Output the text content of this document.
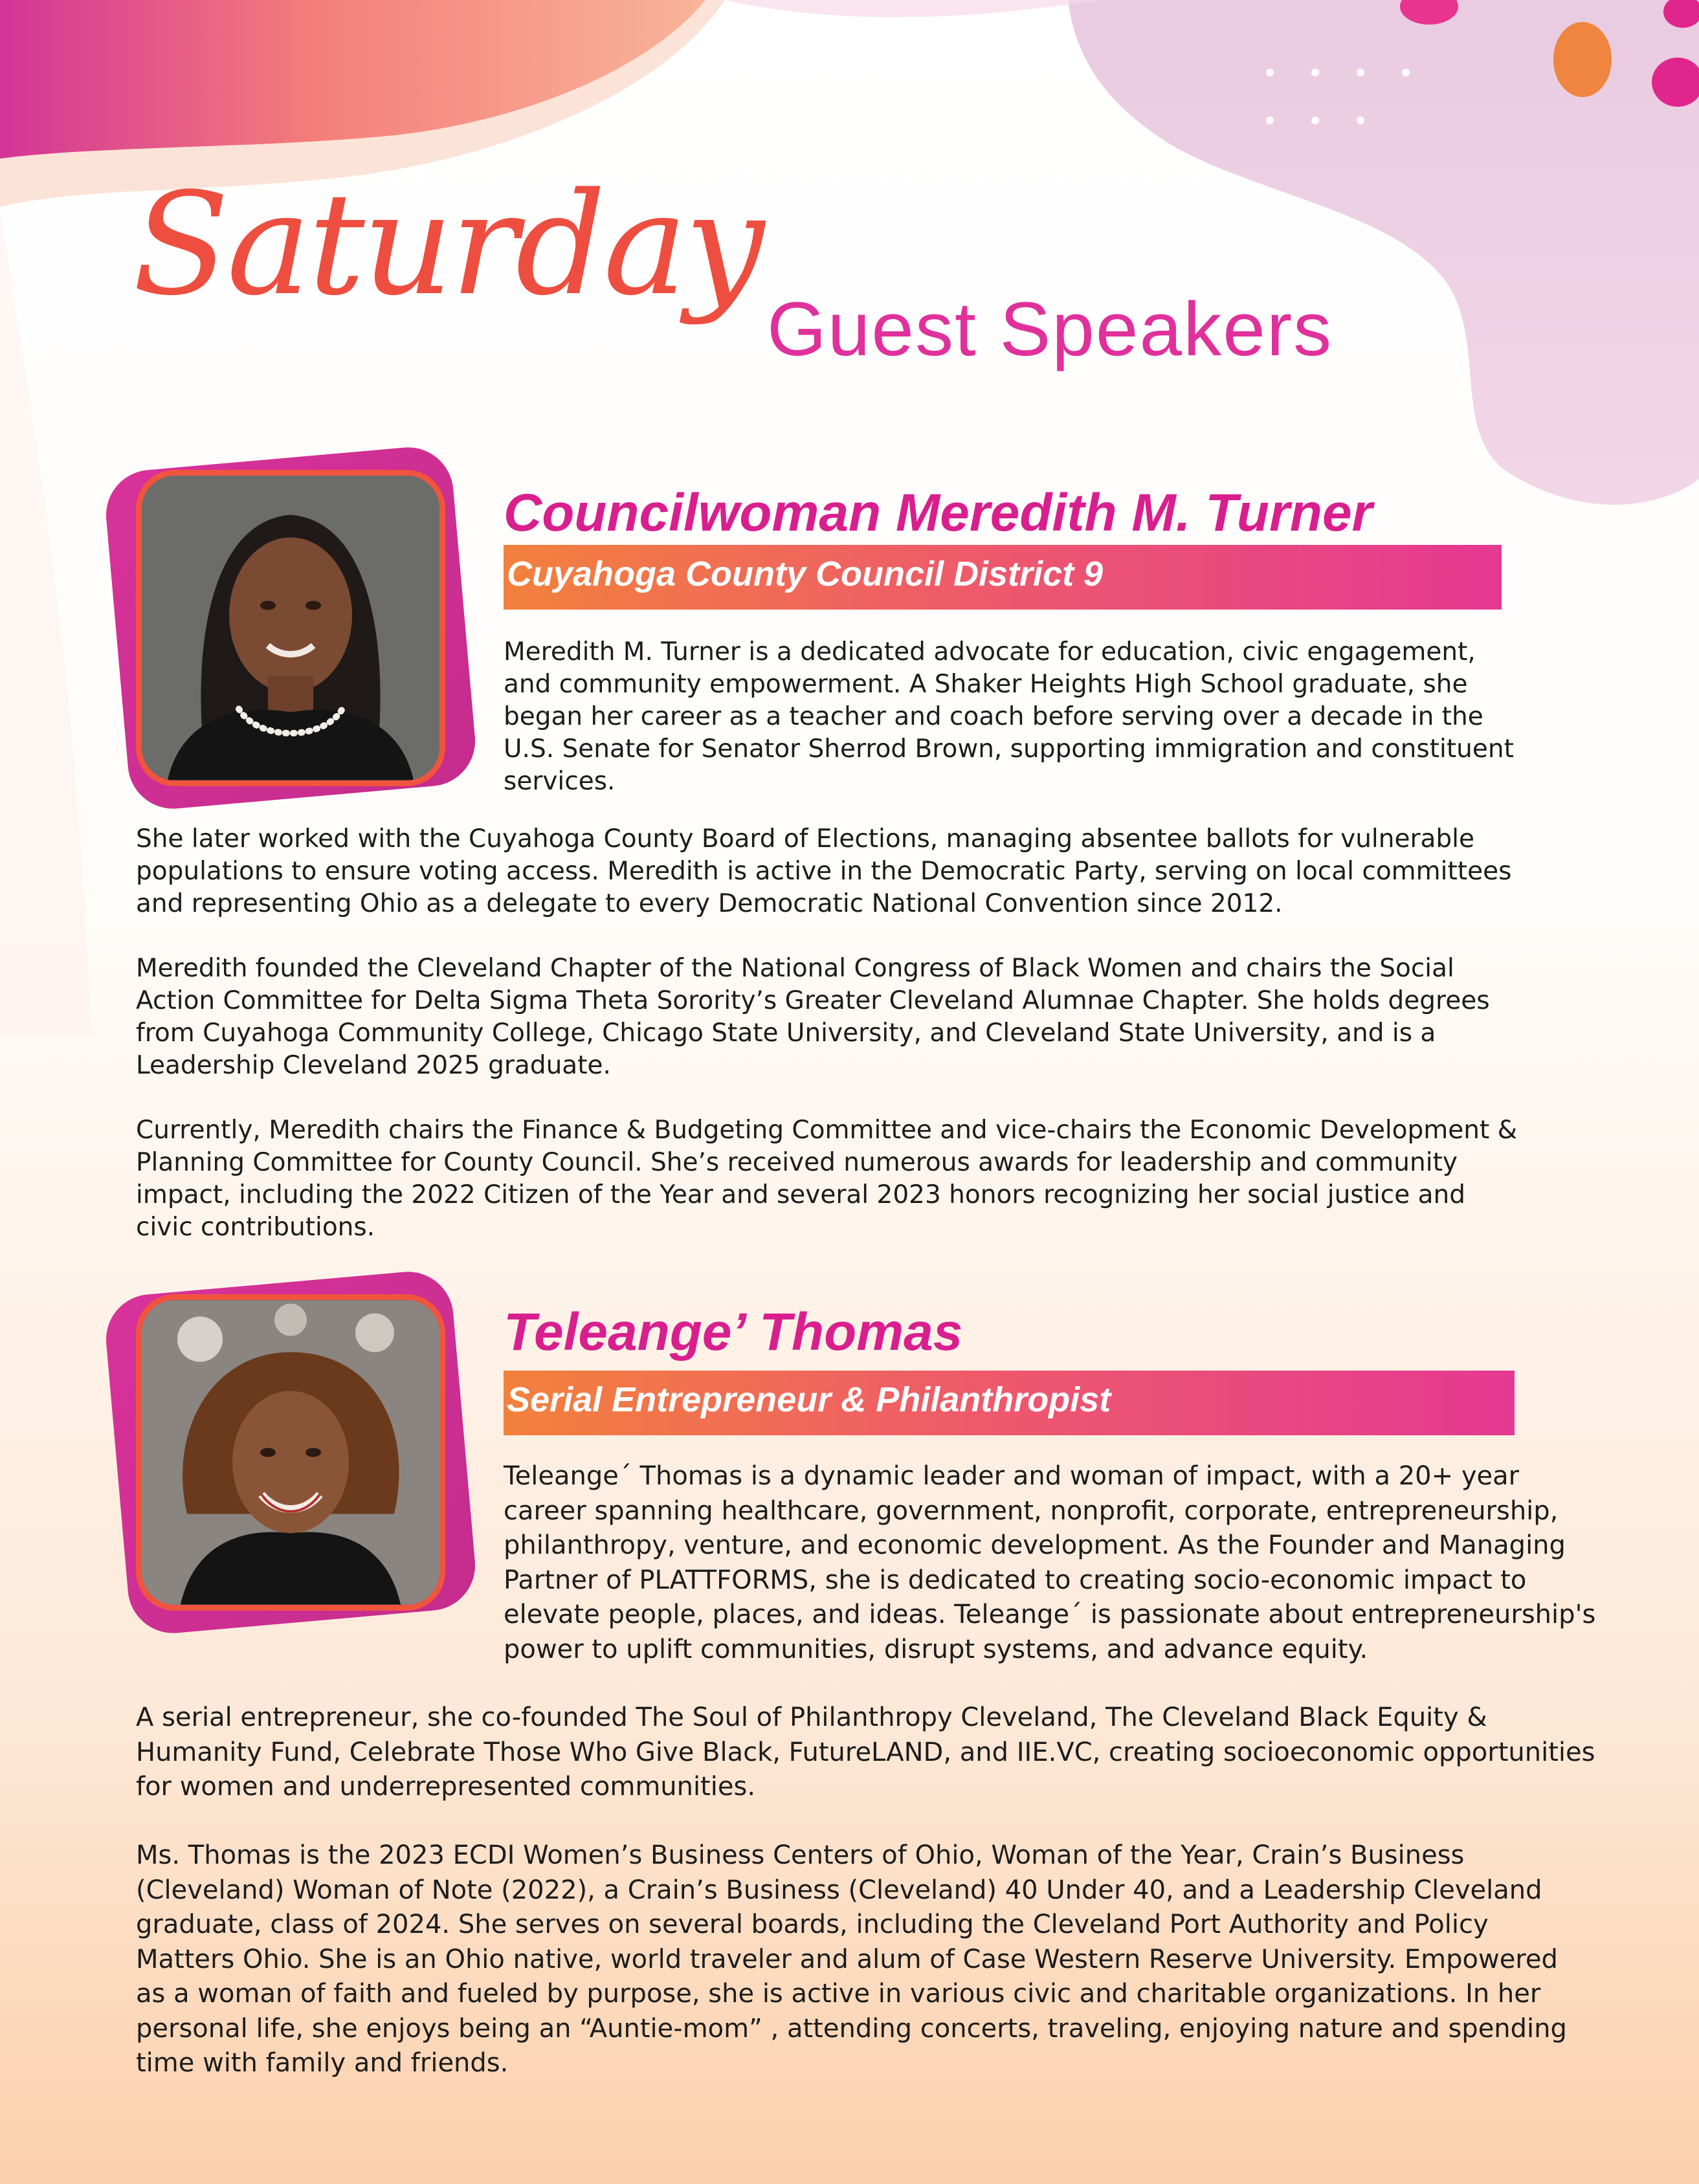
Saturday
Guest Speakers
Councilwoman Meredith M. Turner
Cuyahoga County Council District 9
Meredith M. Turner is a dedicated advocate for education, civic engagement,
and community empowerment. A Shaker Heights High School graduate, she
began her career as a teacher and coach before serving over a decade in the
U.S. Senate for Senator Sherrod Brown, supporting immigration and constituent
services.
She later worked with the Cuyahoga County Board of Elections, managing absentee ballots for vulnerable
populations to ensure voting access. Meredith is active in the Democratic Party, serving on local committees
and representing Ohio as a delegate to every Democratic National Convention since 2012.
Meredith founded the Cleveland Chapter of the National Congress of Black Women and chairs the Social
Action Committee for Delta Sigma Theta Sorority’s Greater Cleveland Alumnae Chapter. She holds degrees
from Cuyahoga Community College, Chicago State University, and Cleveland State University, and is a
Leadership Cleveland 2025 graduate.
Currently, Meredith chairs the Finance & Budgeting Committee and vice-chairs the Economic Development &
Planning Committee for County Council. She’s received numerous awards for leadership and community
impact, including the 2022 Citizen of the Year and several 2023 honors recognizing her social justice and
civic contributions.
Teleange’ Thomas
Serial Entrepreneur & Philanthropist
Teleange´ Thomas is a dynamic leader and woman of impact, with a 20+ year
career spanning healthcare, government, nonprofit, corporate, entrepreneurship,
philanthropy, venture, and economic development. As the Founder and Managing
Partner of PLATTFORMS, she is dedicated to creating socio-economic impact to
elevate people, places, and ideas. Teleange´ is passionate about entrepreneurship's
power to uplift communities, disrupt systems, and advance equity.
A serial entrepreneur, she co-founded The Soul of Philanthropy Cleveland, The Cleveland Black Equity &
Humanity Fund, Celebrate Those Who Give Black, FutureLAND, and IIE.VC, creating socioeconomic opportunities
for women and underrepresented communities.
Ms. Thomas is the 2023 ECDI Women’s Business Centers of Ohio, Woman of the Year, Crain’s Business
(Cleveland) Woman of Note (2022), a Crain’s Business (Cleveland) 40 Under 40, and a Leadership Cleveland
graduate, class of 2024. She serves on several boards, including the Cleveland Port Authority and Policy
Matters Ohio. She is an Ohio native, world traveler and alum of Case Western Reserve University. Empowered
as a woman of faith and fueled by purpose, she is active in various civic and charitable organizations. In her
personal life, she enjoys being an “Auntie-mom” , attending concerts, traveling, enjoying nature and spending
time with family and friends.
